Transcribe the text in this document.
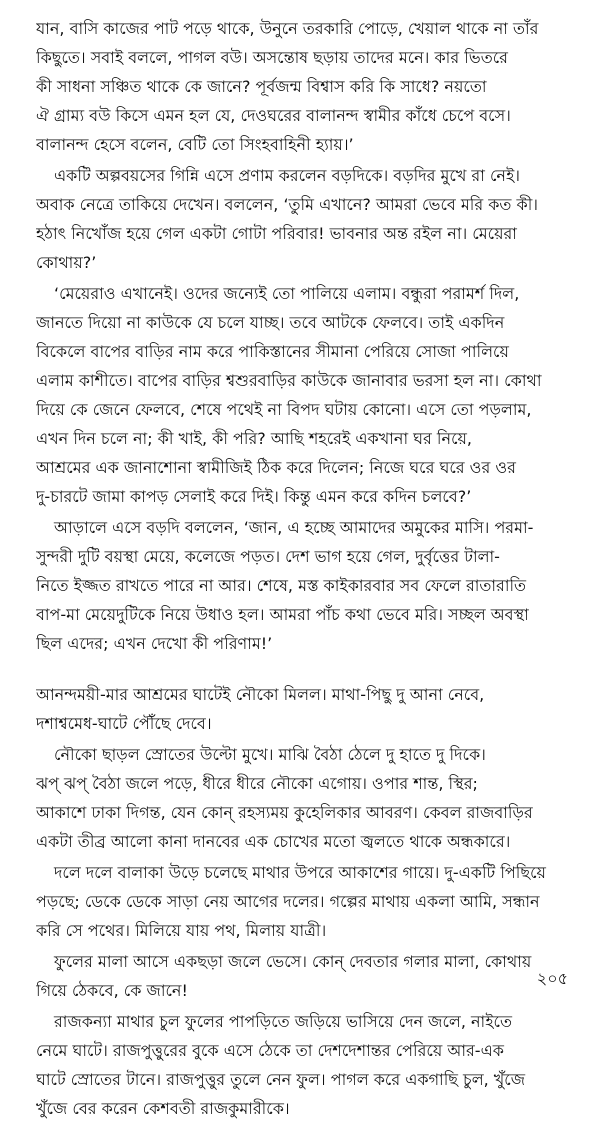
যান, বাসি কাজের পাট পড়ে থাকে, উনুনে তরকারি পোড়ে, খেয়াল থাকে না তাঁর
কিছুতে। সবাই বললে, পাগল বউ। অসন্তোষ ছড়ায় তাদের মনে। কার ভিতরে
কী সাধনা সঞ্চিত থাকে কে জানে? পূর্বজন্ম বিশ্বাস করি কি সাধে? নয়তো
ঐ গ্রাম্য বউ কিসে এমন হল যে, দেওঘরের বালানন্দ স্বামীর কাঁধে চেপে বসে।
বালানন্দ হেসে বলেন, বেটি তো সিংহবাহিনী হ্যায়।’

একটি অল্পবয়সের গিন্নি এসে প্রণাম করলেন বড়দিকে। বড়দির মুখে রা নেই।
অবাক নেত্রে তাকিয়ে দেখেন। বললেন, ‘তুমি এখানে? আমরা ভেবে মরি কত কী।
হঠাৎ নিখোঁজ হয়ে গেল একটা গোটা পরিবার! ভাবনার অন্ত রইল না। মেয়েরা
কোথায়?’

‘মেয়েরাও এখানেই। ওদের জন্যেই তো পালিয়ে এলাম। বন্ধুরা পরামর্শ দিল,
জানতে দিয়ো না কাউকে যে চলে যাচ্ছ। তবে আটকে ফেলবে। তাই একদিন
বিকেলে বাপের বাড়ির নাম করে পাকিস্তানের সীমানা পেরিয়ে সোজা পালিয়ে
এলাম কাশীতে। বাপের বাড়ির শ্বশুরবাড়ির কাউকে জানাবার ভরসা হল না। কোথা
দিয়ে কে জেনে ফেলবে, শেষে পথেই না বিপদ ঘটায় কোনো। এসে তো পড়লাম,
এখন দিন চলে না; কী খাই, কী পরি? আছি শহরেই একখানা ঘর নিয়ে,
আশ্রমের এক জানাশোনা স্বামীজিই ঠিক করে দিলেন; নিজে ঘরে ঘরে ওর ওর
দু-চারটে জামা কাপড় সেলাই করে দিই। কিন্তু এমন করে কদিন চলবে?’

আড়ালে এসে বড়দি বললেন, ‘জান, এ হচ্ছে আমাদের অমুকের মাসি। পরমা-
সুন্দরী দুটি বয়স্থা মেয়ে, কলেজে পড়ত। দেশ ভাগ হয়ে গেল, দুর্বৃত্তের টালা-
নিতে ইজ্জত রাখতে পারে না আর। শেষে, মস্ত কাইকারবার সব ফেলে রাতারাতি
বাপ-মা মেয়েদুটিকে নিয়ে উধাও হল। আমরা পাঁচ কথা ভেবে মরি। সচ্ছল অবস্থা
ছিল এদের; এখন দেখো কী পরিণাম!’

আনন্দময়ী-মার আশ্রমের ঘাটেই নৌকো মিলল। মাথা-পিছু দু আনা নেবে,
দশাশ্বমেধ-ঘাটে পৌঁছে দেবে।

নৌকো ছাড়ল স্রোতের উল্টো মুখে। মাঝি বৈঠা ঠেলে দু হাতে দু দিকে।
ঝপ্ ঝপ্ বৈঠা জলে পড়ে, ধীরে ধীরে নৌকো এগোয়। ওপার শান্ত, স্থির;
আকাশে ঢাকা দিগন্ত, যেন কোন্ রহস্যময় কুহেলিকার আবরণ। কেবল রাজবাড়ির
একটা তীব্র আলো কানা দানবের এক চোখের মতো জ্বলতে থাকে অন্ধকারে।

দলে দলে বালাকা উড়ে চলেছে মাথার উপরে আকাশের গায়ে। দু-একটি পিছিয়ে
পড়ছে; ডেকে ডেকে সাড়া নেয় আগের দলের। গল্পের মাথায় একলা আমি, সন্ধান
করি সে পথের। মিলিয়ে যায় পথ, মিলায় যাত্রী।

ফুলের মালা আসে একছড়া জলে ভেসে। কোন্ দেবতার গলার মালা, কোথায়
গিয়ে ঠেকবে, কে জানে!

রাজকন্যা মাথার চুল ফুলের পাপড়িতে জড়িয়ে ভাসিয়ে দেন জলে, নাইতে
নেমে ঘাটে। রাজপুত্তুরের বুকে এসে ঠেকে তা দেশদেশান্তর পেরিয়ে আর-এক
ঘাটে স্রোতের টানে। রাজপুত্তুর তুলে নেন ফুল। পাগল করে একগাছি চুল, খুঁজে
খুঁজে বের করেন কেশবতী রাজকুমারীকে।

২০৫
